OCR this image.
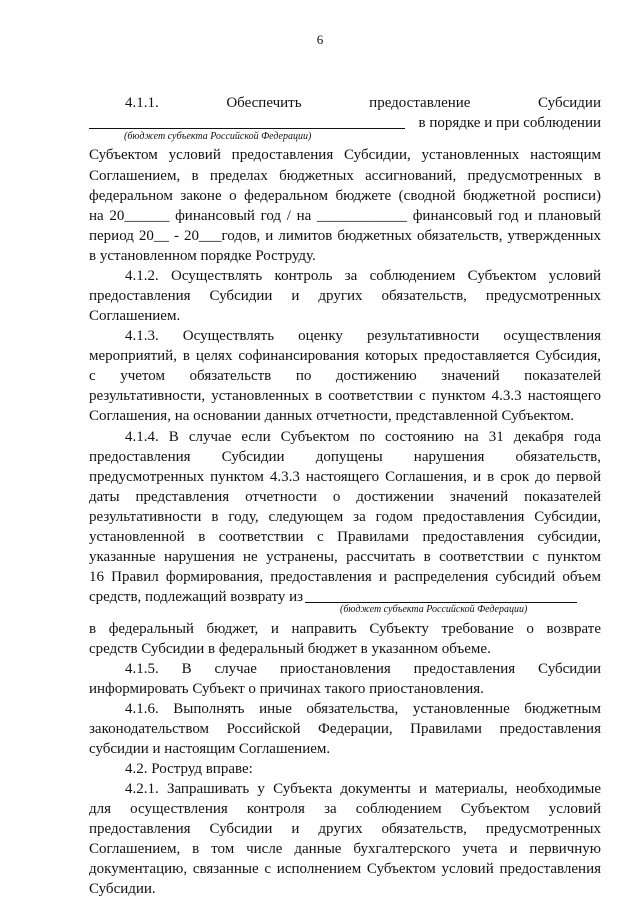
6
4.1.1. Обеспечить предоставление Субсидии
в порядке и при соблюдении
(бюджет субъекта Российской Федерации)
Субъектом условий предоставления Субсидии, установленных настоящим
Соглашением, в пределах бюджетных ассигнований, предусмотренных в
федеральном законе о федеральном бюджете (сводной бюджетной росписи)
на 20______ финансовый год / на ____________ финансовый год и плановый
период 20__ - 20___годов, и лимитов бюджетных обязательств, утвержденных
в установленном порядке Роструду.
4.1.2. Осуществлять контроль за соблюдением Субъектом условий
предоставления Субсидии и других обязательств, предусмотренных
Соглашением.
4.1.3. Осуществлять оценку результативности осуществления
мероприятий, в целях софинансирования которых предоставляется Субсидия,
с учетом обязательств по достижению значений показателей
результативности, установленных в соответствии с пунктом 4.3.3 настоящего
Соглашения, на основании данных отчетности, представленной Субъектом.
4.1.4. В случае если Субъектом по состоянию на 31 декабря года
предоставления Субсидии допущены нарушения обязательств,
предусмотренных пунктом 4.3.3 настоящего Соглашения, и в срок до первой
даты представления отчетности о достижении значений показателей
результативности в году, следующем за годом предоставления Субсидии,
установленной в соответствии с Правилами предоставления субсидии,
указанные нарушения не устранены, рассчитать в соответствии с пунктом
16 Правил формирования, предоставления и распределения субсидий объем
средств, подлежащий возврату из
(бюджет субъекта Российской Федерации)
в федеральный бюджет, и направить Субъекту требование о возврате
средств Субсидии в федеральный бюджет в указанном объеме.
4.1.5. В случае приостановления предоставления Субсидии
информировать Субъект о причинах такого приостановления.
4.1.6. Выполнять иные обязательства, установленные бюджетным
законодательством Российской Федерации, Правилами предоставления
субсидии и настоящим Соглашением.
4.2. Роструд вправе:
4.2.1. Запрашивать у Субъекта документы и материалы, необходимые
для осуществления контроля за соблюдением Субъектом условий
предоставления Субсидии и других обязательств, предусмотренных
Соглашением, в том числе данные бухгалтерского учета и первичную
документацию, связанные с исполнением Субъектом условий предоставления
Субсидии.
